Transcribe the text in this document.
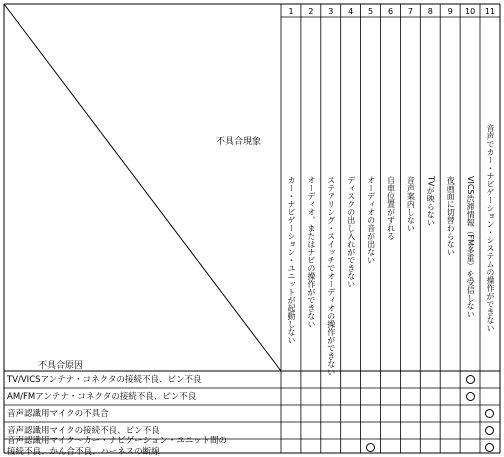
不具合現象
不具合原因
1
カー・ナビゲーション・ユニットが起動しない
2
オーディオ、またはナビの操作ができない
3
ステアリング・スイッチでオーディオの操作ができない
4
ディスクの出し入れができない
5
オーディオの音が出ない
6
自車位置がずれる
7
音声案内しない
8
TVが映らない
9
夜画面に切替わらない
10
VICS渋滞情報（FM多重）を受信しない
11
音声でカー・ナビゲーション・システムの操作ができない
TV/VICSアンテナ・コネクタの接続不良、ピン不良
AM/FMアンテナ・コネクタの接続不良、ピン不良
音声認識用マイクの不具合
音声認識用マイクの接続不良、ピン不良
音声認識用マイク〜カー・ナビゲーション・ユニット間の
接続不良、かん合不良、ハーネスの断線
